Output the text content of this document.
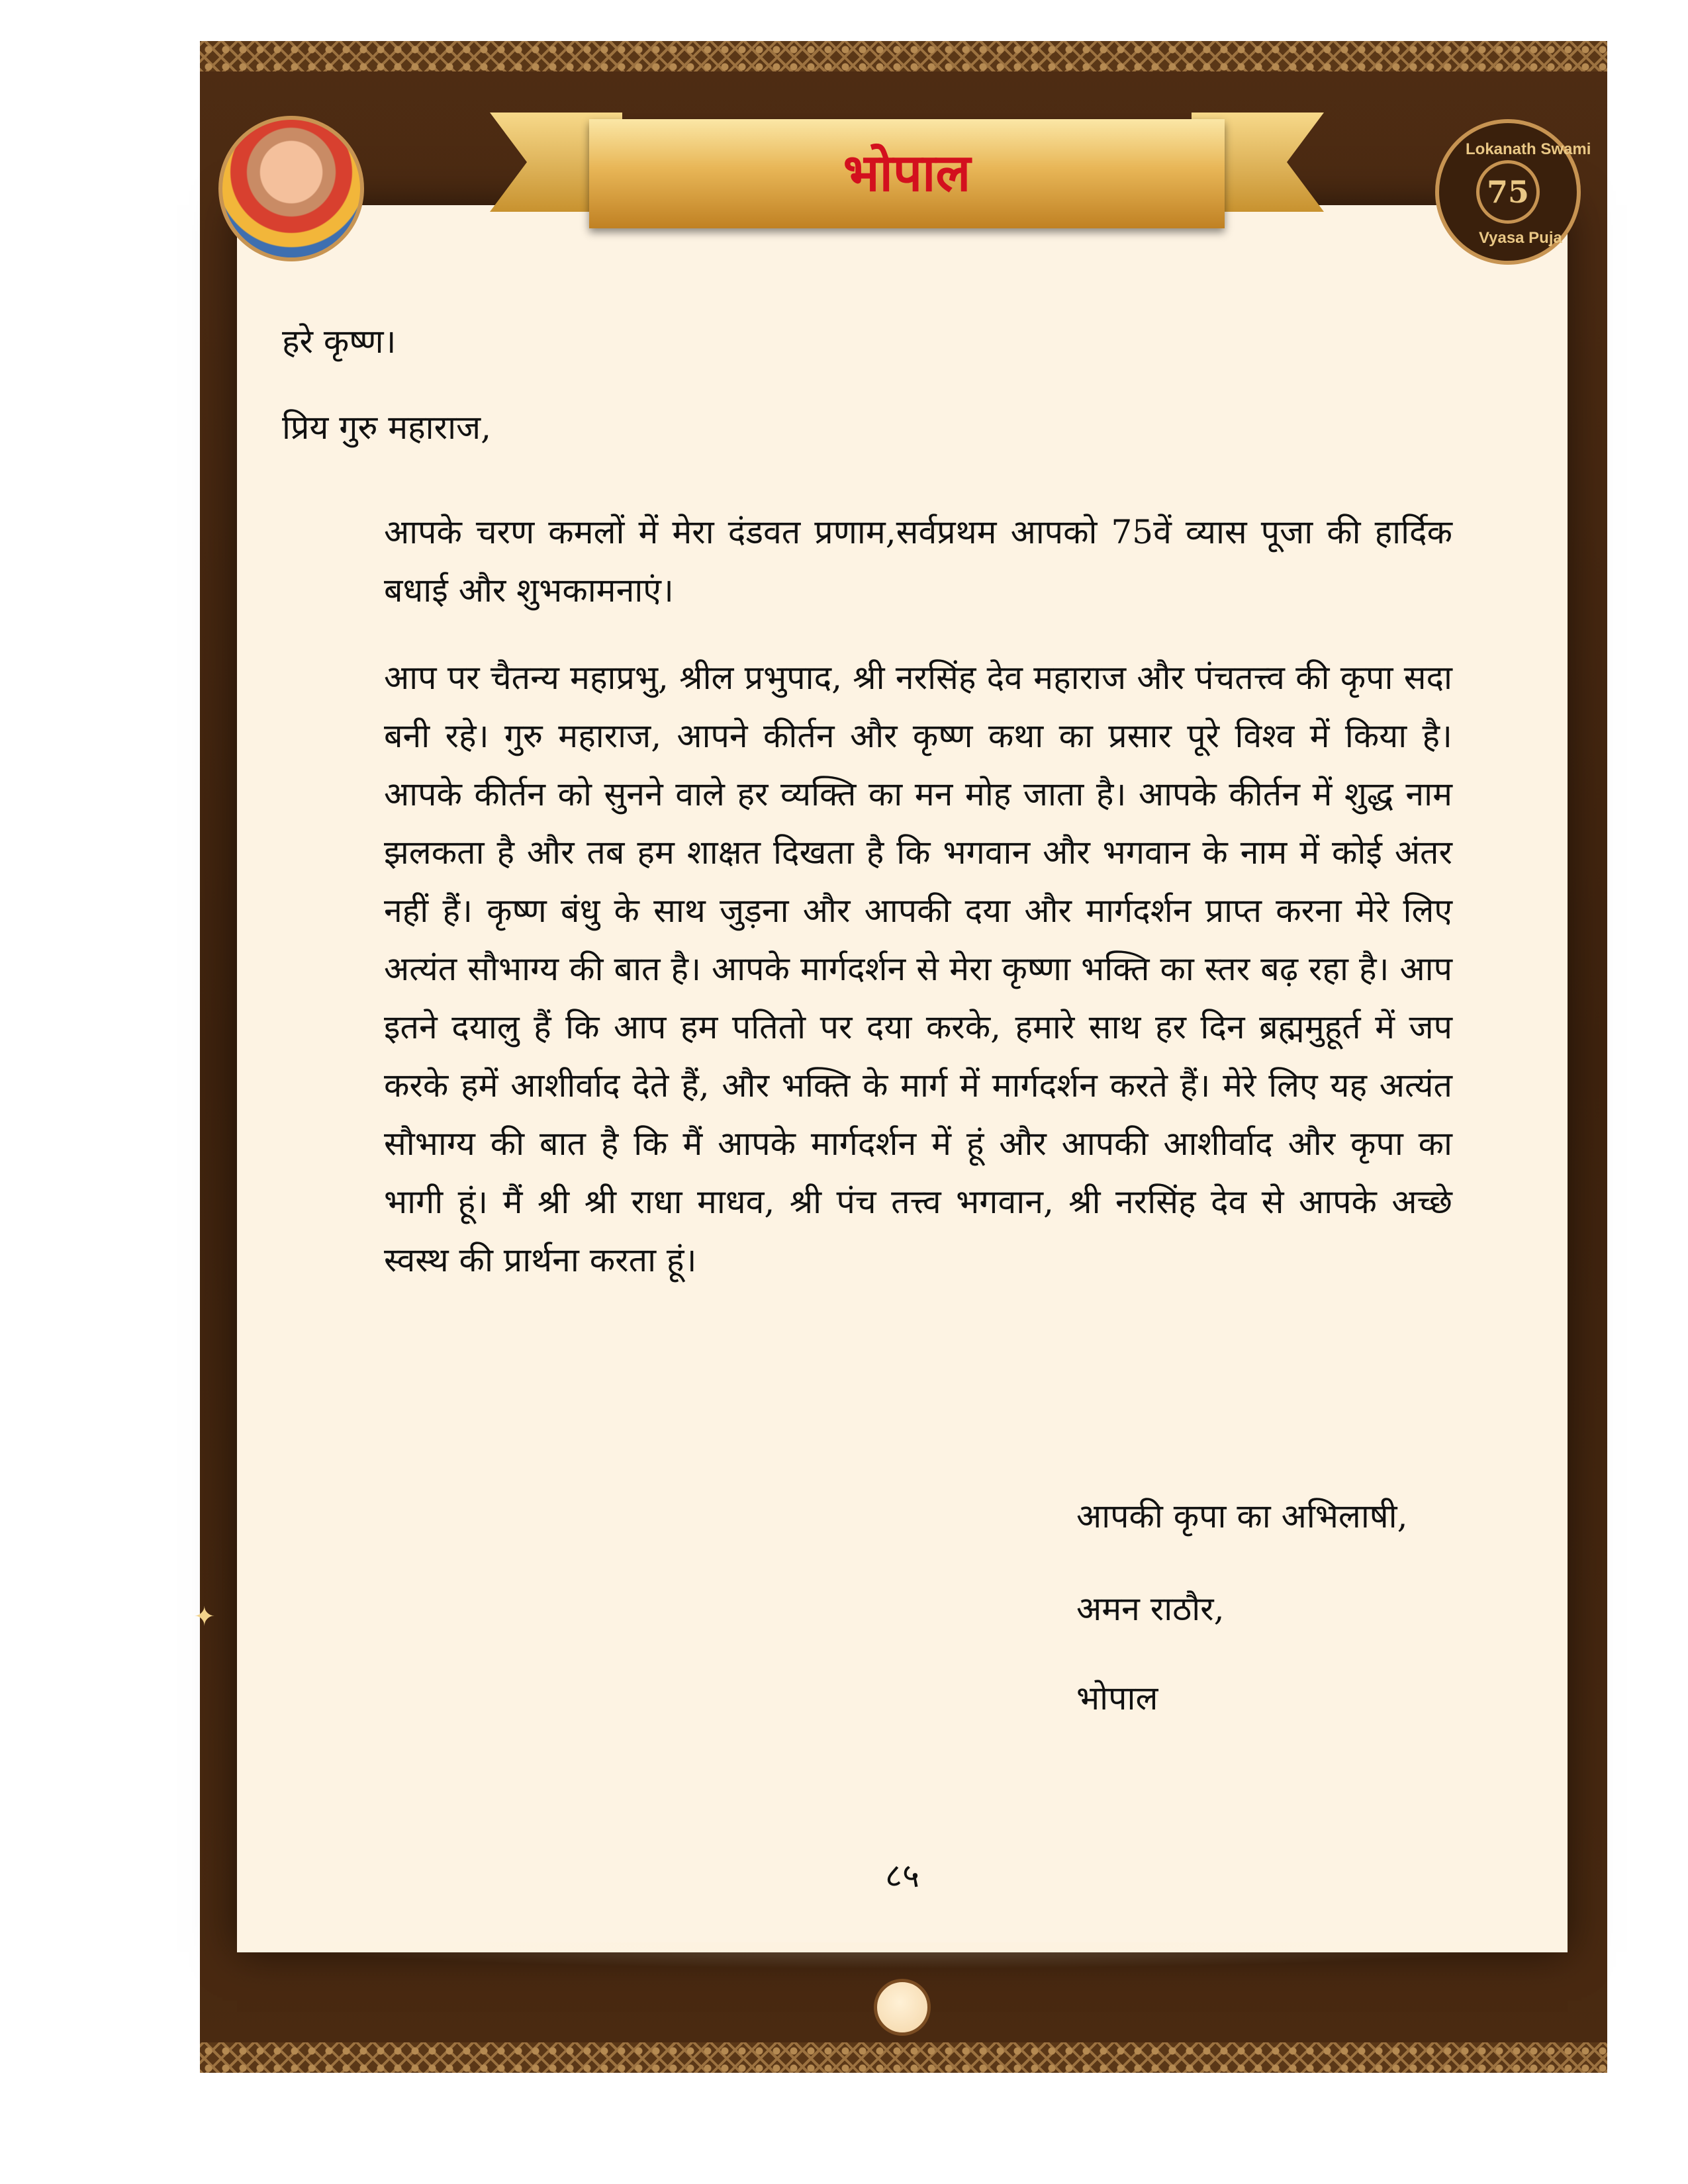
Lokanath Swami
75
Vyasa Puja
भोपाल
हरे कृष्ण।
प्रिय गुरु महाराज,

आपके चरण कमलों में मेरा दंडवत प्रणाम,सर्वप्रथम आपको 75वें व्यास पूजा की हार्दिक बधाई और शुभकामनाएं।

आप पर चैतन्य महाप्रभु, श्रील प्रभुपाद, श्री नरसिंह देव महाराज और पंचतत्त्व की कृपा सदा बनी रहे। गुरु महाराज, आपने कीर्तन और कृष्ण कथा का प्रसार पूरे विश्व में किया है। आपके कीर्तन को सुनने वाले हर व्यक्ति का मन मोह जाता है। आपके कीर्तन में शुद्ध नाम झलकता है और तब हम शाक्षत दिखता है कि भगवान और भगवान के नाम में कोई अंतर नहीं हैं। कृष्ण बंधु के साथ जुड़ना और आपकी दया और मार्गदर्शन प्राप्त करना मेरे लिए अत्यंत सौभाग्य की बात है। आपके मार्गदर्शन से मेरा कृष्णा भक्ति का स्तर बढ़ रहा है। आप इतने दयालु हैं कि आप हम पतितो पर दया करके, हमारे साथ हर दिन ब्रह्ममुहूर्त में जप करके हमें आशीर्वाद देते हैं, और भक्ति के मार्ग में मार्गदर्शन करते हैं। मेरे लिए यह अत्यंत सौभाग्य की बात है कि मैं आपके मार्गदर्शन में हूं और आपकी आशीर्वाद और कृपा का भागी हूं। मैं श्री श्री राधा माधव, श्री पंच तत्त्व भगवान, श्री नरसिंह देव से आपके अच्छे स्वस्थ की प्रार्थना करता हूं।

आपकी कृपा का अभिलाषी,
अमन राठौर,
भोपाल
८५
✦
